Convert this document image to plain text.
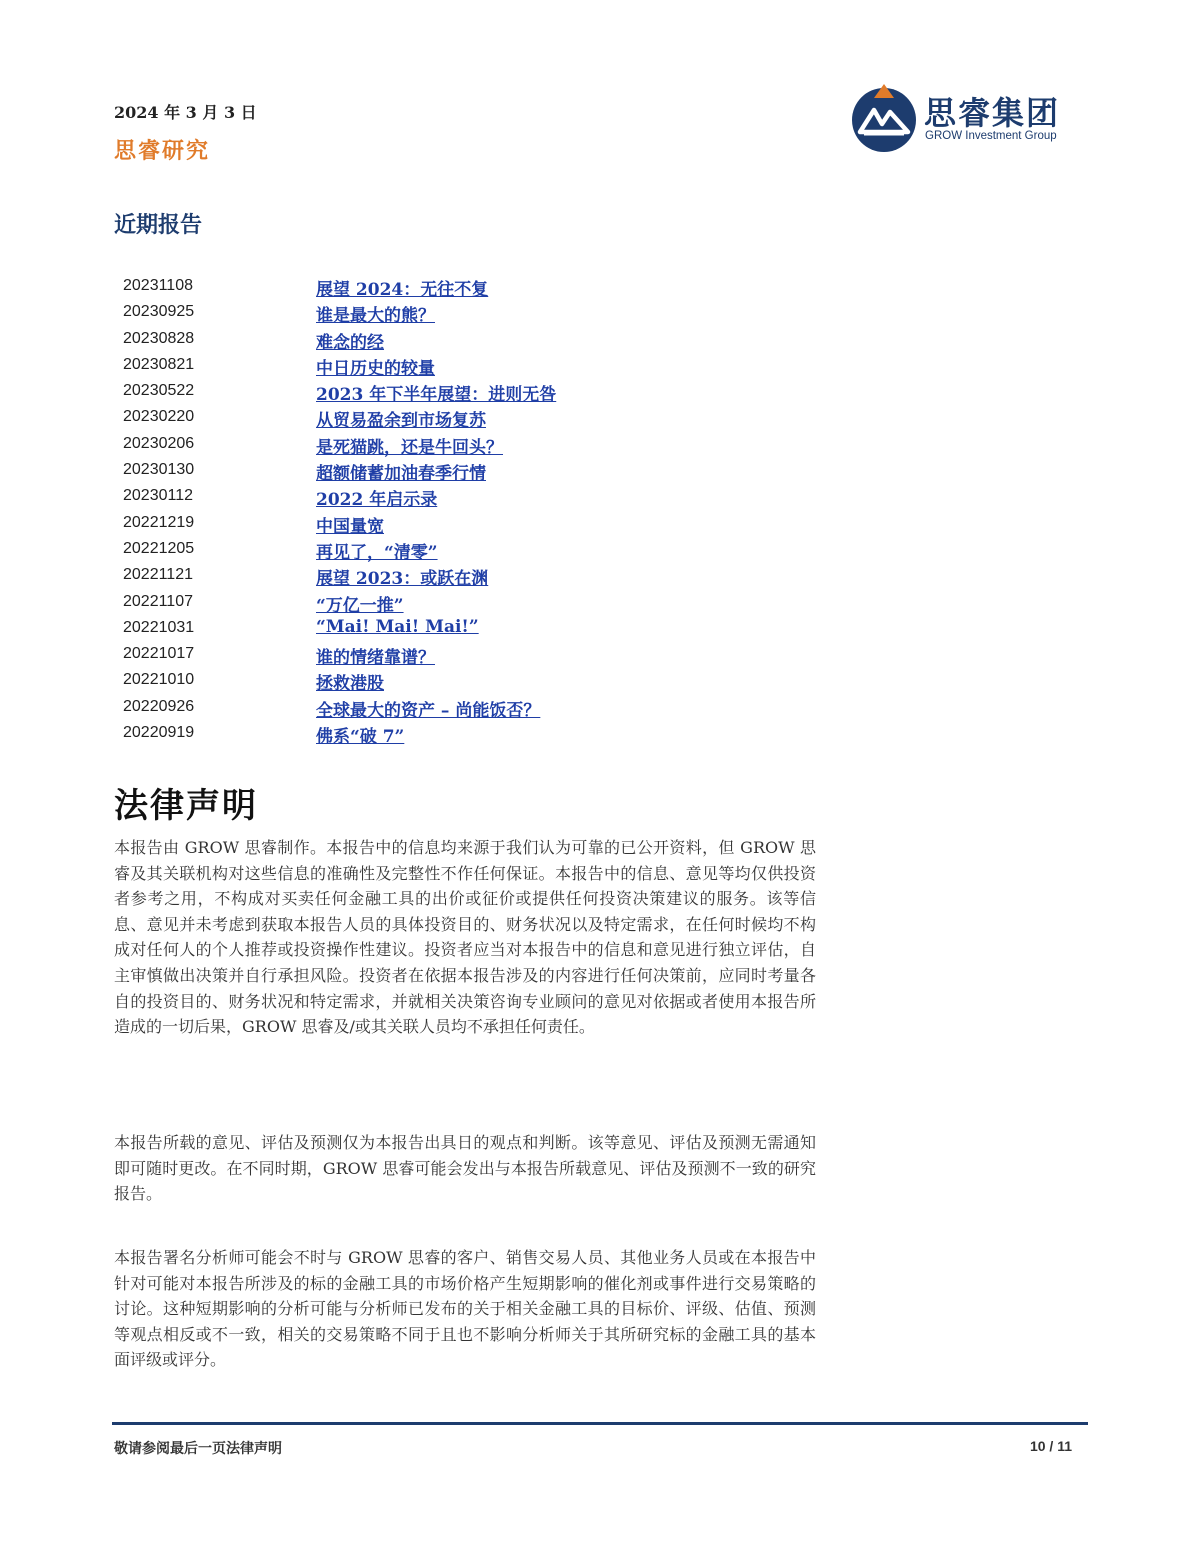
2024 年 3 月 3 日
思睿研究
思睿集团
GROW Investment Group
近期报告
20231108	展望 2024：无往不复
20230925	谁是最大的熊？
20230828	难念的经
20230821	中日历史的较量
20230522	2023 年下半年展望：进则无咎
20230220	从贸易盈余到市场复苏
20230206	是死猫跳，还是牛回头？
20230130	超额储蓄加油春季行情
20230112	2022 年启示录
20221219	中国量宽
20221205	再见了，“清零”
20221121	展望 2023：或跃在渊
20221107	“万亿一推”
20221031	“Mai! Mai! Mai!”
20221017	谁的情绪靠谱？
20221010	拯救港股
20220926	全球最大的资产 – 尚能饭否？
20220919	佛系“破 7”
法律声明
本报告由 GROW 思睿制作。本报告中的信息均来源于我们认为可靠的已公开资料，但 GROW 思睿及其关联机构对这些信息的准确性及完整性不作任何保证。本报告中的信息、意见等均仅供投资者参考之用，不构成对买卖任何金融工具的出价或征价或提供任何投资决策建议的服务。该等信息、意见并未考虑到获取本报告人员的具体投资目的、财务状况以及特定需求，在任何时候均不构成对任何人的个人推荐或投资操作性建议。投资者应当对本报告中的信息和意见进行独立评估，自主审慎做出决策并自行承担风险。投资者在依据本报告涉及的内容进行任何决策前，应同时考量各自的投资目的、财务状况和特定需求，并就相关决策咨询专业顾问的意见对依据或者使用本报告所造成的一切后果，GROW 思睿及/或其关联人员均不承担任何责任。
本报告所载的意见、评估及预测仅为本报告出具日的观点和判断。该等意见、评估及预测无需通知即可随时更改。在不同时期，GROW 思睿可能会发出与本报告所载意见、评估及预测不一致的研究报告。
本报告署名分析师可能会不时与 GROW 思睿的客户、销售交易人员、其他业务人员或在本报告中针对可能对本报告所涉及的标的金融工具的市场价格产生短期影响的催化剂或事件进行交易策略的讨论。这种短期影响的分析可能与分析师已发布的关于相关金融工具的目标价、评级、估值、预测等观点相反或不一致，相关的交易策略不同于且也不影响分析师关于其所研究标的金融工具的基本面评级或评分。
敬请参阅最后一页法律声明	10 / 11
